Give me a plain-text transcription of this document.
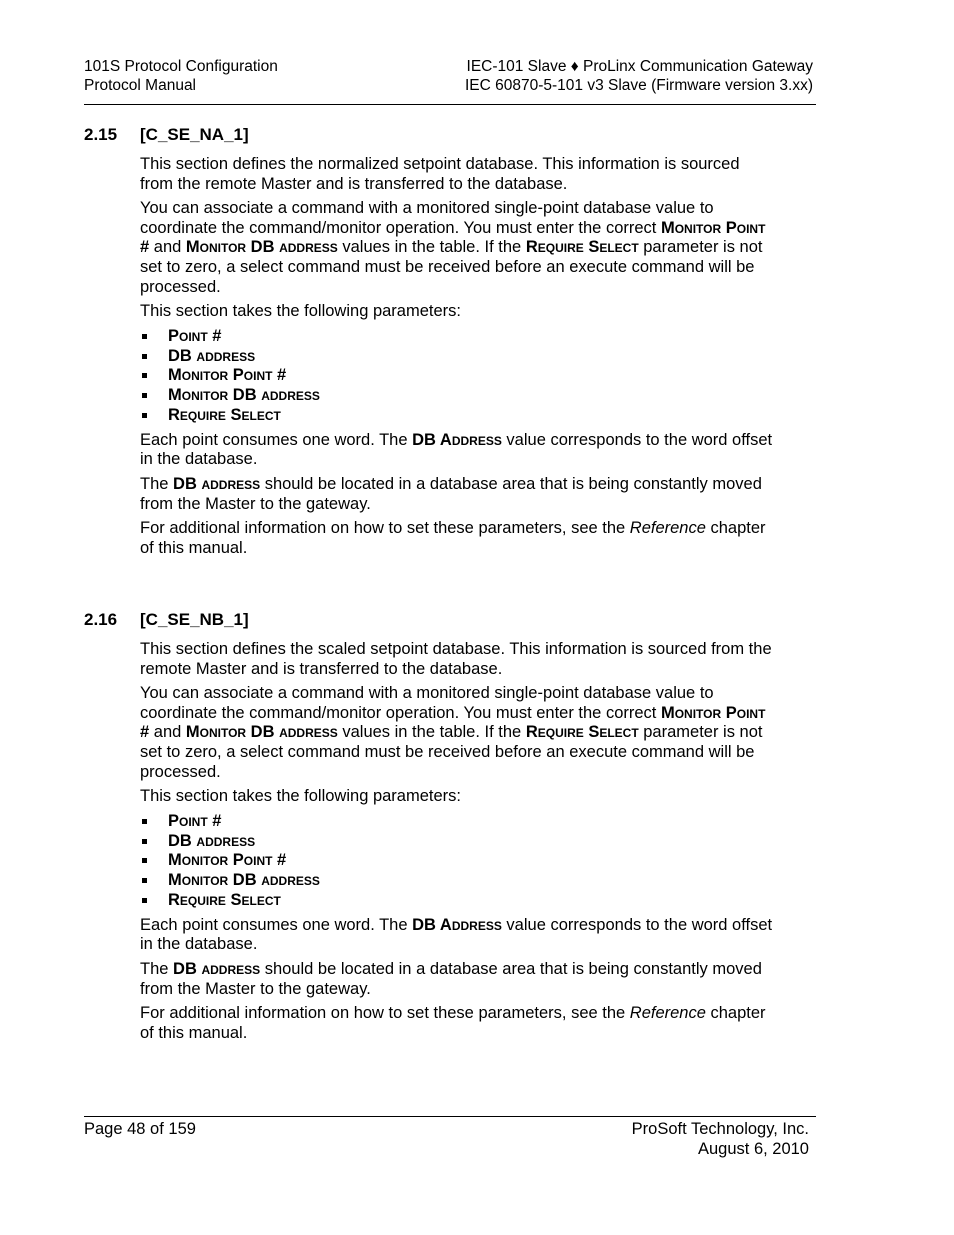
101S Protocol Configuration
Protocol Manual
IEC-101 Slave ♦ ProLinx Communication Gateway
IEC 60870-5-101 v3 Slave (Firmware version 3.xx)
2.15 [C_SE_NA_1]

This section defines the normalized setpoint database. This information is sourced from the remote Master and is transferred to the database.

You can associate a command with a monitored single-point database value to coordinate the command/monitor operation. You must enter the correct Monitor Point # and Monitor DB address values in the table. If the Require Select parameter is not set to zero, a select command must be received before an execute command will be processed.

This section takes the following parameters:

Point #
DB address
Monitor Point #
Monitor DB address
Require Select

Each point consumes one word. The DB Address value corresponds to the word offset in the database.

The DB address should be located in a database area that is being constantly moved from the Master to the gateway.

For additional information on how to set these parameters, see the Reference chapter of this manual.

2.16 [C_SE_NB_1]

This section defines the scaled setpoint database. This information is sourced from the remote Master and is transferred to the database.

You can associate a command with a monitored single-point database value to coordinate the command/monitor operation. You must enter the correct Monitor Point # and Monitor DB address values in the table. If the Require Select parameter is not set to zero, a select command must be received before an execute command will be processed.

This section takes the following parameters:

Point #
DB address
Monitor Point #
Monitor DB address
Require Select

Each point consumes one word. The DB Address value corresponds to the word offset in the database.

The DB address should be located in a database area that is being constantly moved from the Master to the gateway.

For additional information on how to set these parameters, see the Reference chapter of this manual.

Page 48 of 159	ProSoft Technology, Inc.
August 6, 2010
